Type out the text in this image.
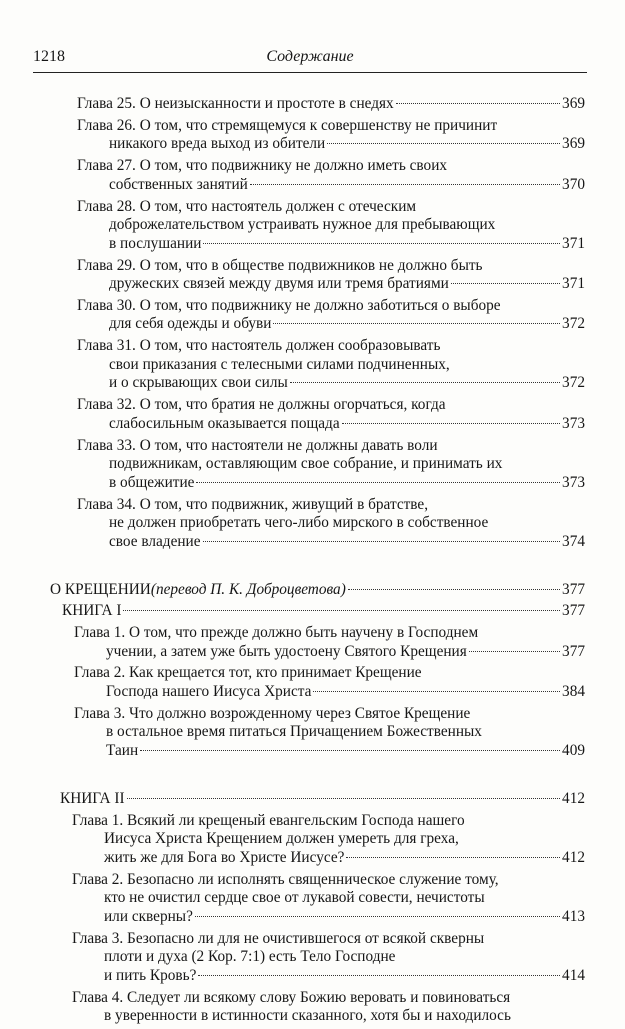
1218	Содержание
Глава 25. О неизысканности и простоте в снедях	369
Глава 26. О том, что стремящемуся к совершенству не причинит
никакого вреда выход из обители	369
Глава 27. О том, что подвижнику не должно иметь своих
собственных занятий	370
Глава 28. О том, что настоятель должен с отеческим
доброжелательством устраивать нужное для пребывающих
в послушании	371
Глава 29. О том, что в обществе подвижников не должно быть
дружеских связей между двумя или тремя братиями	371
Глава 30. О том, что подвижнику не должно заботиться о выборе
для себя одежды и обуви	372
Глава 31. О том, что настоятель должен сообразовывать
свои приказания с телесными силами подчиненных,
и о скрывающих свои силы	372
Глава 32. О том, что братия не должны огорчаться, когда
слабосильным оказывается пощада	373
Глава 33. О том, что настоятели не должны давать воли
подвижникам, оставляющим свое собрание, и принимать их
в общежитие	373
Глава 34. О том, что подвижник, живущий в братстве,
не должен приобретать чего-либо мирского в собственное
свое владение	374
О КРЕЩЕНИИ (перевод П. К. Доброцветова)	377
КНИГА I	377
Глава 1. О том, что прежде должно быть научену в Господнем
учении, а затем уже быть удостоену Святого Крещения	377
Глава 2. Как крещается тот, кто принимает Крещение
Господа нашего Иисуса Христа	384
Глава 3. Что должно возрожденному через Святое Крещение
в остальное время питаться Причащением Божественных
Таин	409
КНИГА II	412
Глава 1. Всякий ли крещеный евангельским Господа нашего
Иисуса Христа Крещением должен умереть для греха,
жить же для Бога во Христе Иисусе?	412
Глава 2. Безопасно ли исполнять священническое служение тому,
кто не очистил сердце свое от лукавой совести, нечистоты
или скверны?	413
Глава 3. Безопасно ли для не очистившегося от всякой скверны
плоти и духа (2 Кор. 7:1) есть Тело Господне
и пить Кровь?	414
Глава 4. Следует ли всякому слову Божию веровать и повиноваться
в уверенности в истинности сказанного, хотя бы и находилось
